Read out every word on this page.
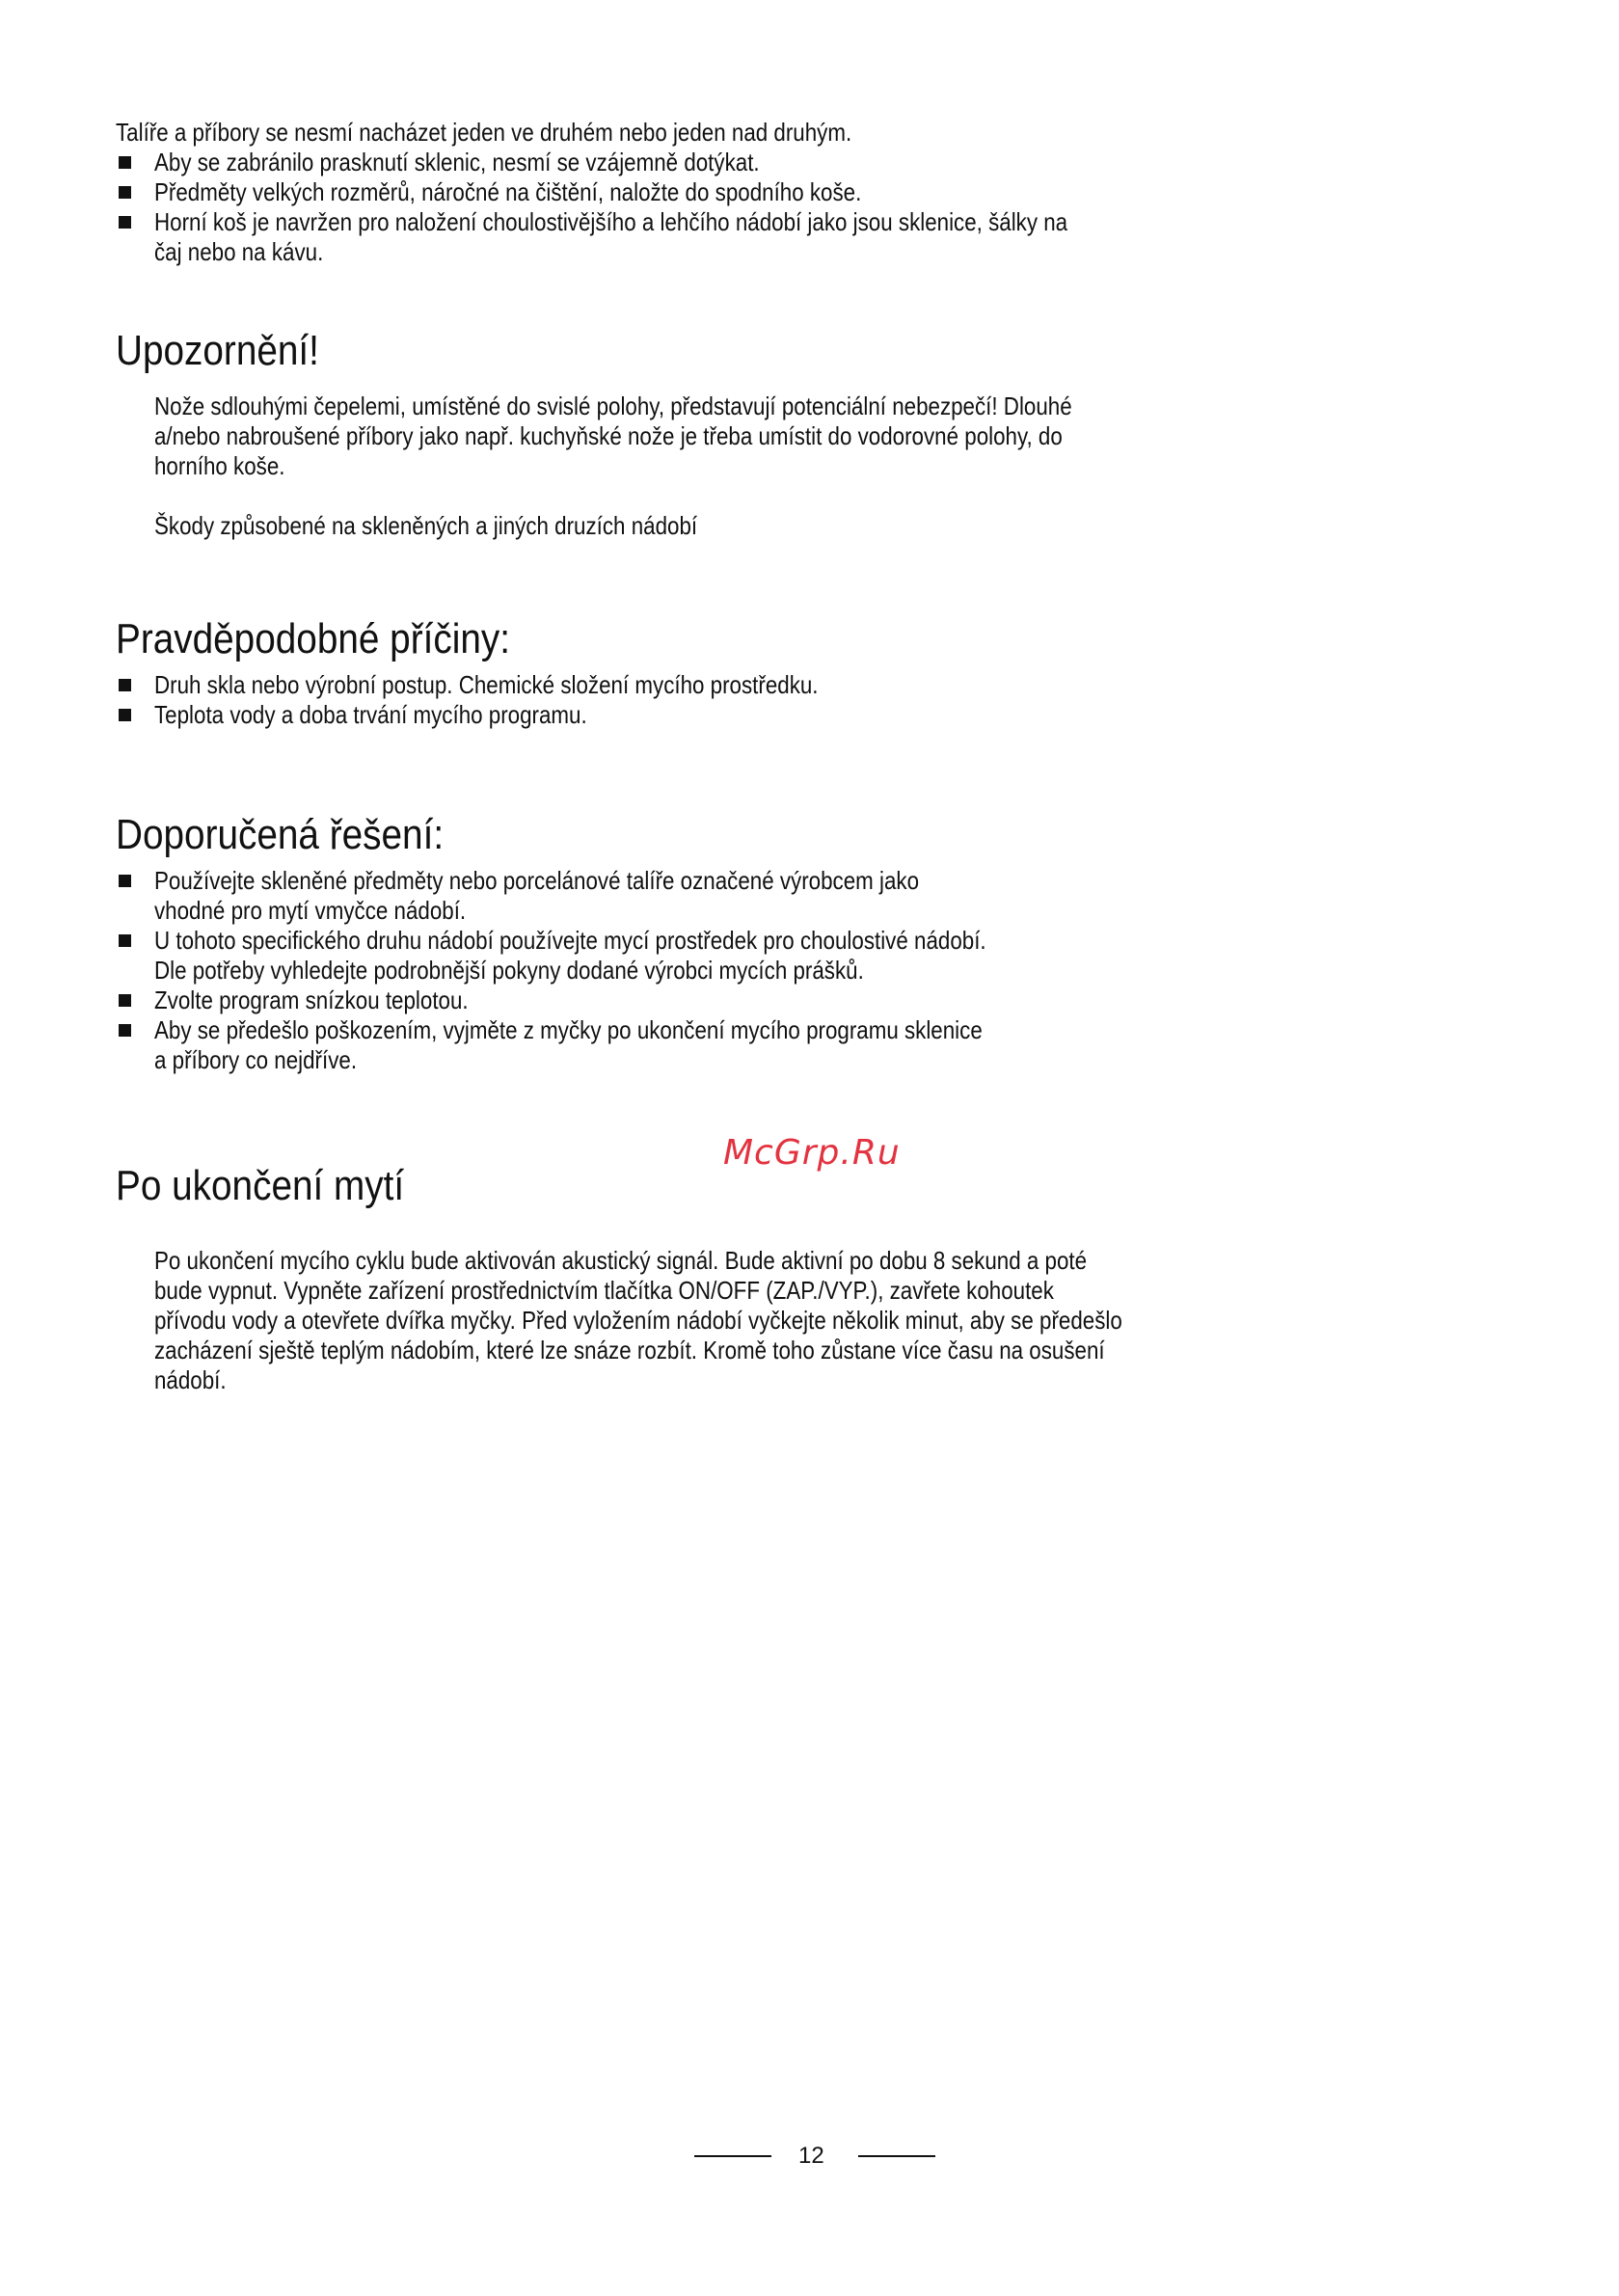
Talíře a příbory se nesmí nacházet jeden ve druhém nebo jeden nad druhým.

Aby se zabránilo prasknutí sklenic, nesmí se vzájemně dotýkat.
Předměty velkých rozměrů, náročné na čištění, naložte do spodního koše.
Horní koš je navržen pro naložení choulostivějšího a lehčího nádobí jako jsou sklenice, šálky na čaj nebo na kávu.
Upozornění!

Nože sdlouhými čepelemi, umístěné do svislé polohy, představují potenciální nebezpečí! Dlouhé a/nebo nabroušené příbory jako např. kuchyňské nože je třeba umístit do vodorovné polohy, do horního koše.

Škody způsobené na skleněných a jiných druzích nádobí

Pravděpodobné příčiny:
Druh skla nebo výrobní postup. Chemické složení mycího prostředku.
Teplota vody a doba trvání mycího programu.
Doporučená řešení:
Používejte skleněné předměty nebo porcelánové talíře označené výrobcem jako vhodné pro mytí vmyčce nádobí.
U tohoto specifického druhu nádobí používejte mycí prostředek pro choulostivé nádobí. Dle potřeby vyhledejte podrobnější pokyny dodané výrobci mycích prášků.
Zvolte program snízkou teplotou.
Aby se předešlo poškozením, vyjměte z myčky po ukončení mycího programu sklenice a příbory co nejdříve.

McGrp.Ru

Po ukončení mytí

Po ukončení mycího cyklu bude aktivován akustický signál. Bude aktivní po dobu 8 sekund a poté bude vypnut. Vypněte zařízení prostřednictvím tlačítka ON/OFF (ZAP./VYP.), zavřete kohoutek přívodu vody a otevřete dvířka myčky. Před vyložením nádobí vyčkejte několik minut, aby se předešlo zacházení sještě teplým nádobím, které lze snáze rozbít. Kromě toho zůstane více času na osušení nádobí.

12
